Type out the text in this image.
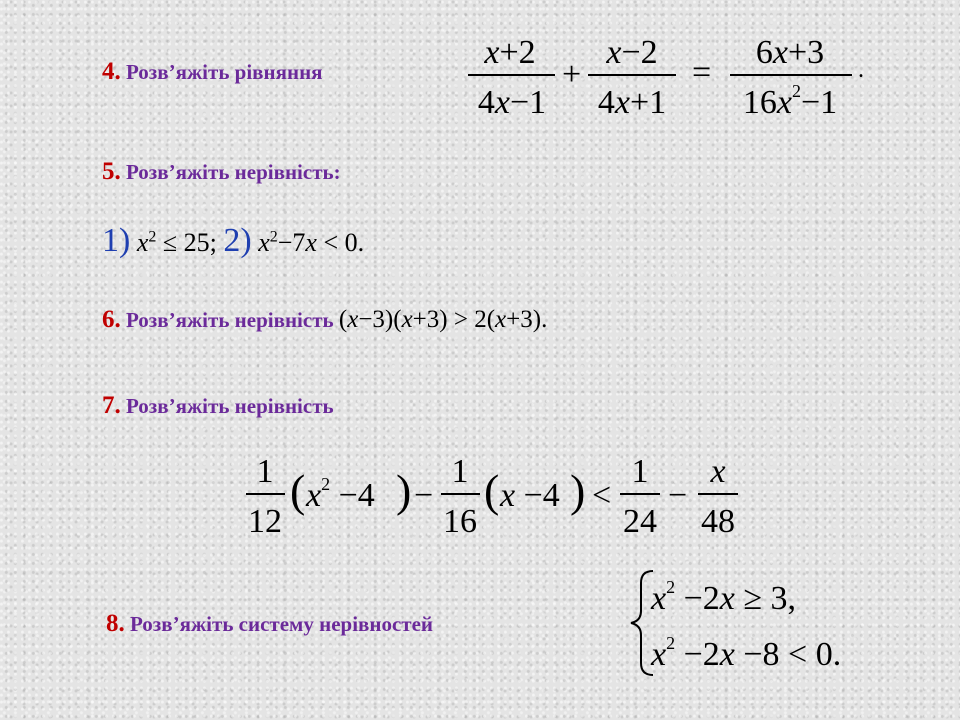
4. Розв’яжіть рівняння
x+2
4x−1
+
x−2
4x+1
=
6x+3
$16x^2-1$
.
5. Розв’яжіть нерівність:
1) $x^2 \le 25$; 2) $x^2-7x < 0$.
6. Розв’яжіть нерівність (x−3)(x+3) > 2(x+3).
7. Розв’яжіть нерівність
1
12
( $x^2 -4$ ) −
1
16
( x −4 ) <
1
24
−
x
48
8. Розв’яжіть систему нерівностей
$x^2 -2x \ge 3$,
$x^2 -2x -8 < 0$.
